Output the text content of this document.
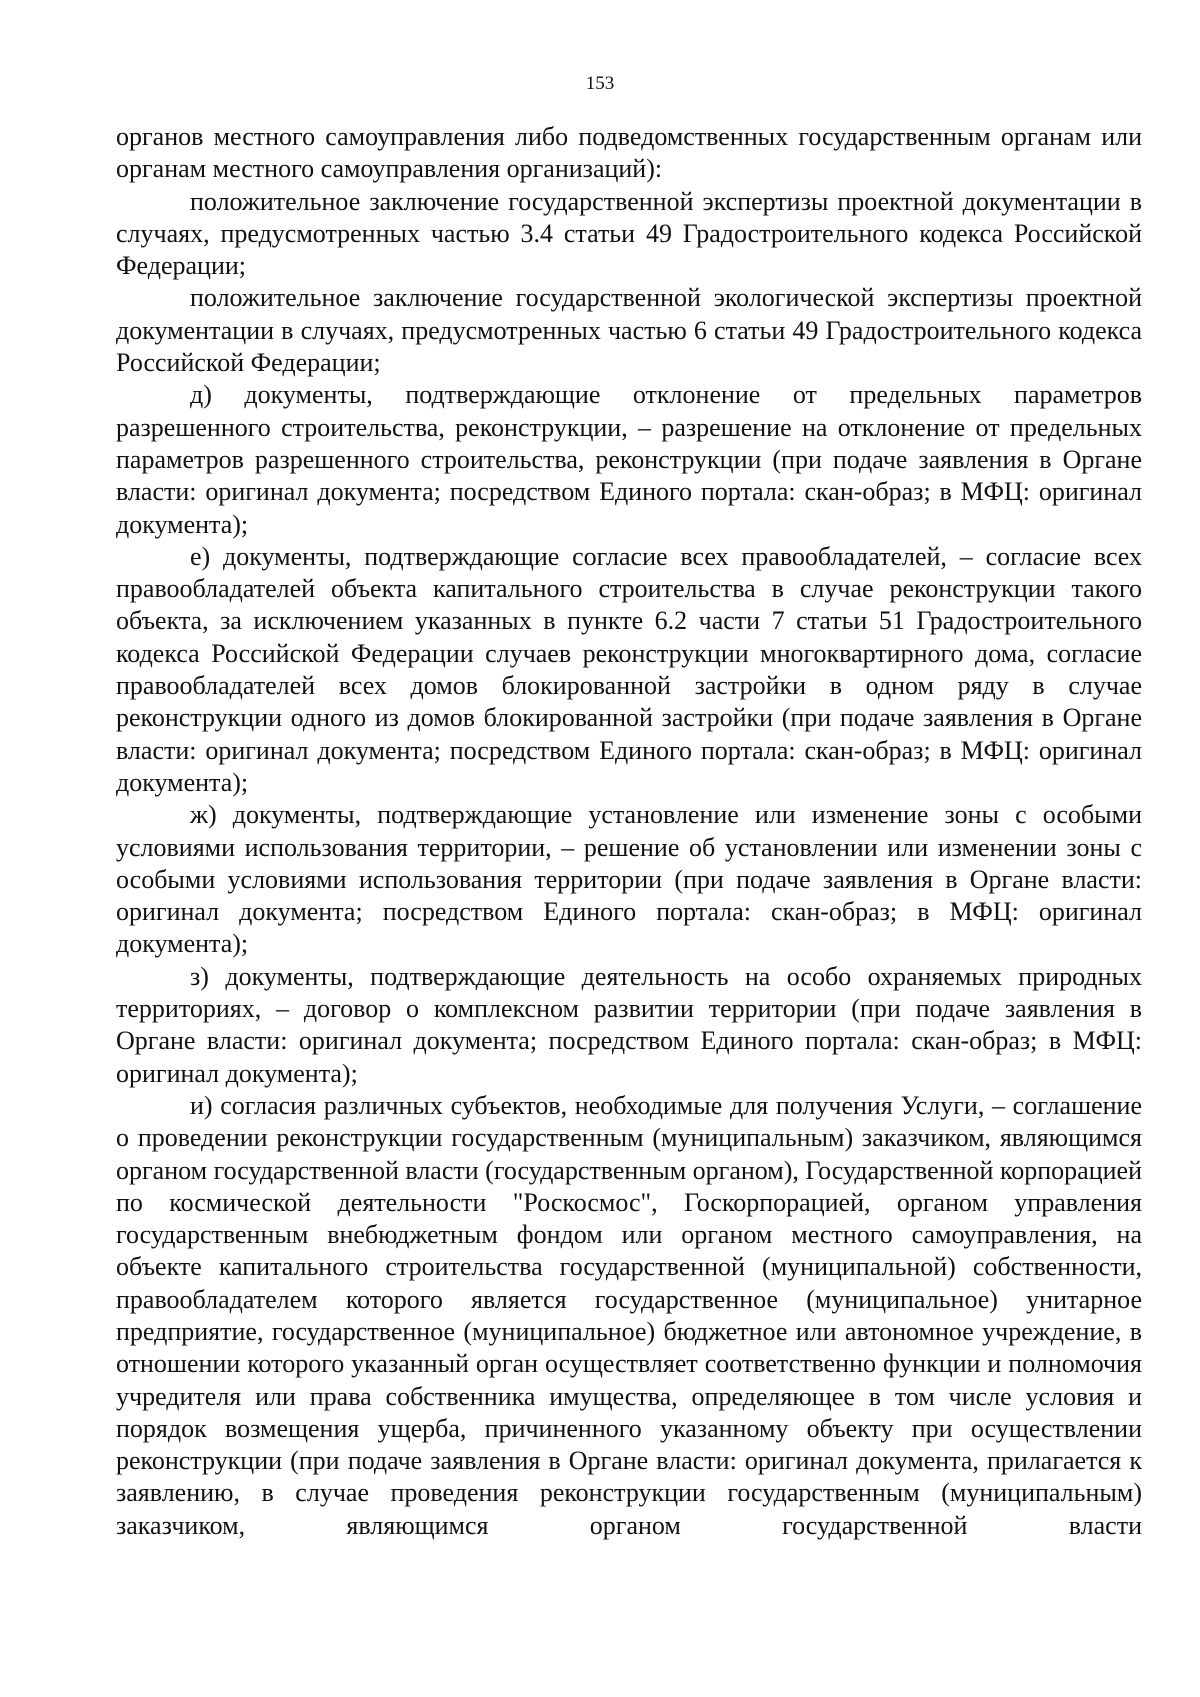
153

органов местного самоуправления либо подведомственных государственным органам или органам местного самоуправления организаций):

положительное заключение государственной экспертизы проектной документации в случаях, предусмотренных частью 3.4 статьи 49 Градостроительного кодекса Российской Федерации;

положительное заключение государственной экологической экспертизы проектной документации в случаях, предусмотренных частью 6 статьи 49 Градостроительного кодекса Российской Федерации;

д) документы, подтверждающие отклонение от предельных параметров разрешенного строительства, реконструкции, – разрешение на отклонение от предельных параметров разрешенного строительства, реконструкции (при подаче заявления в Органе власти: оригинал документа; посредством Единого портала: скан-образ; в МФЦ: оригинал документа);

е) документы, подтверждающие согласие всех правообладателей, – согласие всех правообладателей объекта капитального строительства в случае реконструкции такого объекта, за исключением указанных в пункте 6.2 части 7 статьи 51 Градостроительного кодекса Российской Федерации случаев реконструкции многоквартирного дома, согласие правообладателей всех домов блокированной застройки в одном ряду в случае реконструкции одного из домов блокированной застройки (при подаче заявления в Органе власти: оригинал документа; посредством Единого портала: скан-образ; в МФЦ: оригинал документа);

ж) документы, подтверждающие установление или изменение зоны с особыми условиями использования территории, – решение об установлении или изменении зоны с особыми условиями использования территории (при подаче заявления в Органе власти: оригинал документа; посредством Единого портала: скан-образ; в МФЦ: оригинал документа);

з) документы, подтверждающие деятельность на особо охраняемых природных территориях, – договор о комплексном развитии территории (при подаче заявления в Органе власти: оригинал документа; посредством Единого портала: скан-образ; в МФЦ: оригинал документа);

и) согласия различных субъектов, необходимые для получения Услуги, – соглашение о проведении реконструкции государственным (муниципальным) заказчиком, являющимся органом государственной власти (государственным органом), Государственной корпорацией по космической деятельности "Роскосмос", Госкорпорацией, органом управления государственным внебюджетным фондом или органом местного самоуправления, на объекте капитального строительства государственной (муниципальной) собственности, правообладателем которого является государственное (муниципальное) унитарное предприятие, государственное (муниципальное) бюджетное или автономное учреждение, в отношении которого указанный орган осуществляет соответственно функции и полномочия учредителя или права собственника имущества, определяющее в том числе условия и порядок возмещения ущерба, причиненного указанному объекту при осуществлении реконструкции (при подаче заявления в Органе власти: оригинал документа, прилагается к заявлению, в случае проведения реконструкции государственным (муниципальным) заказчиком, являющимся органом государственной власти
